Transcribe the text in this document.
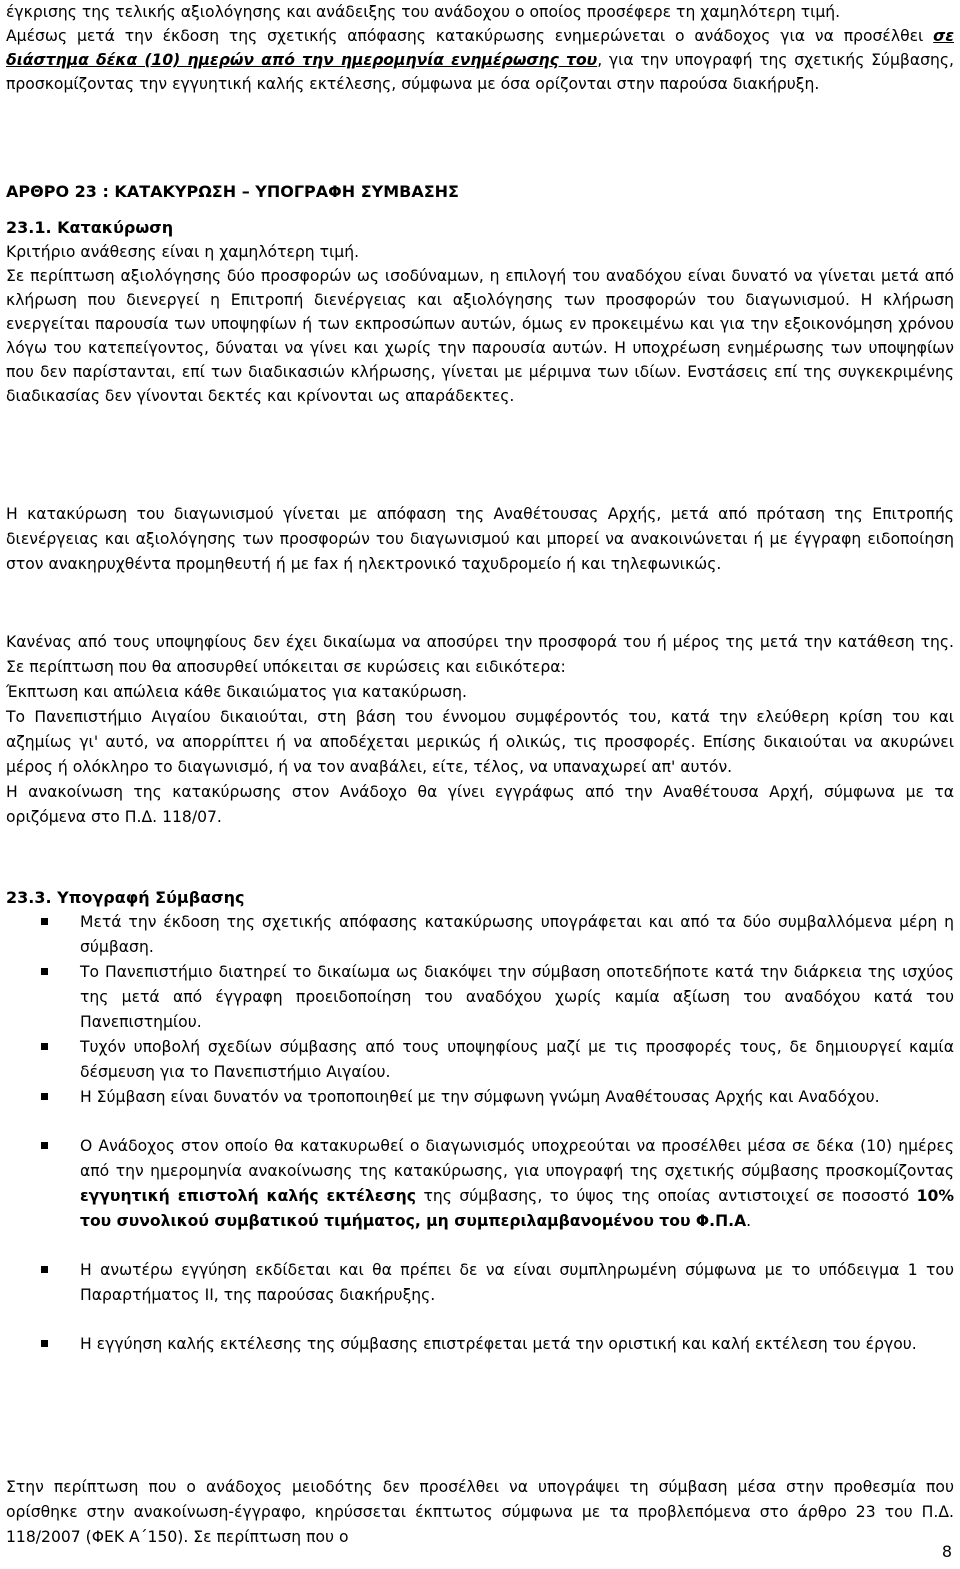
έγκρισης της τελικής αξιολόγησης και ανάδειξης του ανάδοχου ο οποίος προσέφερε τη χαμηλότερη τιμή.

Αμέσως μετά την έκδοση της σχετικής απόφασης κατακύρωσης ενημερώνεται ο ανάδοχος για να προσέλθει σε διάστημα δέκα (10) ημερών από την ημερομηνία ενημέρωσης του, για την υπογραφή της σχετικής Σύμβασης, προσκομίζοντας την εγγυητική καλής εκτέλεσης, σύμφωνα με όσα ορίζονται στην παρούσα διακήρυξη.

ΑΡΘΡΟ 23 : ΚΑΤΑΚΥΡΩΣΗ – ΥΠΟΓΡΑΦΗ ΣΥΜΒΑΣΗΣ

23.1. Κατακύρωση

Κριτήριο ανάθεσης είναι η χαμηλότερη τιμή.

Σε περίπτωση αξιολόγησης δύο προσφορών ως ισοδύναμων, η επιλογή του αναδόχου είναι δυνατό να γίνεται μετά από κλήρωση που διενεργεί η Επιτροπή διενέργειας και αξιολόγησης των προσφορών του διαγωνισμού. Η κλήρωση ενεργείται παρουσία των υποψηφίων ή των εκπροσώπων αυτών, όμως εν προκειμένω και για την εξοικονόμηση χρόνου λόγω του κατεπείγοντος, δύναται να γίνει και χωρίς την παρουσία αυτών. Η υποχρέωση ενημέρωσης των υποψηφίων που δεν παρίστανται, επί των διαδικασιών κλήρωσης, γίνεται με μέριμνα των ιδίων. Ενστάσεις επί της συγκεκριμένης διαδικασίας δεν γίνονται δεκτές και κρίνονται ως απαράδεκτες.

Η κατακύρωση του διαγωνισμού γίνεται με απόφαση της Αναθέτουσας Αρχής, μετά από πρόταση της Επιτροπής διενέργειας και αξιολόγησης των προσφορών του διαγωνισμού και μπορεί να ανακοινώνεται ή με έγγραφη ειδοποίηση στον ανακηρυχθέντα προμηθευτή ή με fax ή ηλεκτρονικό ταχυδρομείο ή και τηλεφωνικώς.

Κανένας από τους υποψηφίους δεν έχει δικαίωμα να αποσύρει την προσφορά του ή μέρος της μετά την κατάθεση της. Σε περίπτωση που θα αποσυρθεί υπόκειται σε κυρώσεις και ειδικότερα:

Έκπτωση και απώλεια κάθε δικαιώματος για κατακύρωση.

Το Πανεπιστήμιο Αιγαίου δικαιούται, στη βάση του έννομου συμφέροντός του, κατά την ελεύθερη κρίση του και αζημίως γι' αυτό, να απορρίπτει ή να αποδέχεται μερικώς ή ολικώς, τις προσφορές. Επίσης δικαιούται να ακυρώνει μέρος ή ολόκληρο το διαγωνισμό, ή να τον αναβάλει, είτε, τέλος, να υπαναχωρεί απ' αυτόν.

Η ανακοίνωση της κατακύρωσης στον Ανάδοχο θα γίνει εγγράφως από την Αναθέτουσα Αρχή, σύμφωνα με τα οριζόμενα στο Π.Δ. 118/07.

23.3. Υπογραφή Σύμβασης

Μετά την έκδοση της σχετικής απόφασης κατακύρωσης υπογράφεται και από τα δύο συμβαλλόμενα μέρη η σύμβαση.
Το Πανεπιστήμιο διατηρεί το δικαίωμα ως διακόψει την σύμβαση οποτεδήποτε κατά την διάρκεια της ισχύος της μετά από έγγραφη προειδοποίηση του αναδόχου χωρίς καμία αξίωση του αναδόχου κατά του Πανεπιστημίου.
Τυχόν υποβολή σχεδίων σύμβασης από τους υποψηφίους μαζί με τις προσφορές τους, δε δημιουργεί καμία δέσμευση για το Πανεπιστήμιο Αιγαίου.
Η Σύμβαση είναι δυνατόν να τροποποιηθεί με την σύμφωνη γνώμη Αναθέτουσας Αρχής και Αναδόχου.
Ο Ανάδοχος στον οποίο θα κατακυρωθεί ο διαγωνισμός υποχρεούται να προσέλθει μέσα σε δέκα (10) ημέρες από την ημερομηνία ανακοίνωσης της κατακύρωσης, για υπογραφή της σχετικής σύμβασης προσκομίζοντας εγγυητική επιστολή καλής εκτέλεσης της σύμβασης, το ύψος της οποίας αντιστοιχεί σε ποσοστό 10% του συνολικού συμβατικού τιμήματος, μη συμπεριλαμβανομένου του Φ.Π.Α.
Η ανωτέρω εγγύηση εκδίδεται και θα πρέπει δε να είναι συμπληρωμένη σύμφωνα με το υπόδειγμα 1 του Παραρτήματος ΙΙ, της παρούσας διακήρυξης.
Η εγγύηση καλής εκτέλεσης της σύμβασης επιστρέφεται μετά την οριστική και καλή εκτέλεση του έργου.

Στην περίπτωση που ο ανάδοχος μειοδότης δεν προσέλθει να υπογράψει τη σύμβαση μέσα στην προθεσμία που ορίσθηκε στην ανακοίνωση-έγγραφο, κηρύσσεται έκπτωτος σύμφωνα με τα προβλεπόμενα στο άρθρο 23 του Π.Δ. 118/2007 (ΦΕΚ Α΄150). Σε περίπτωση που ο

8
